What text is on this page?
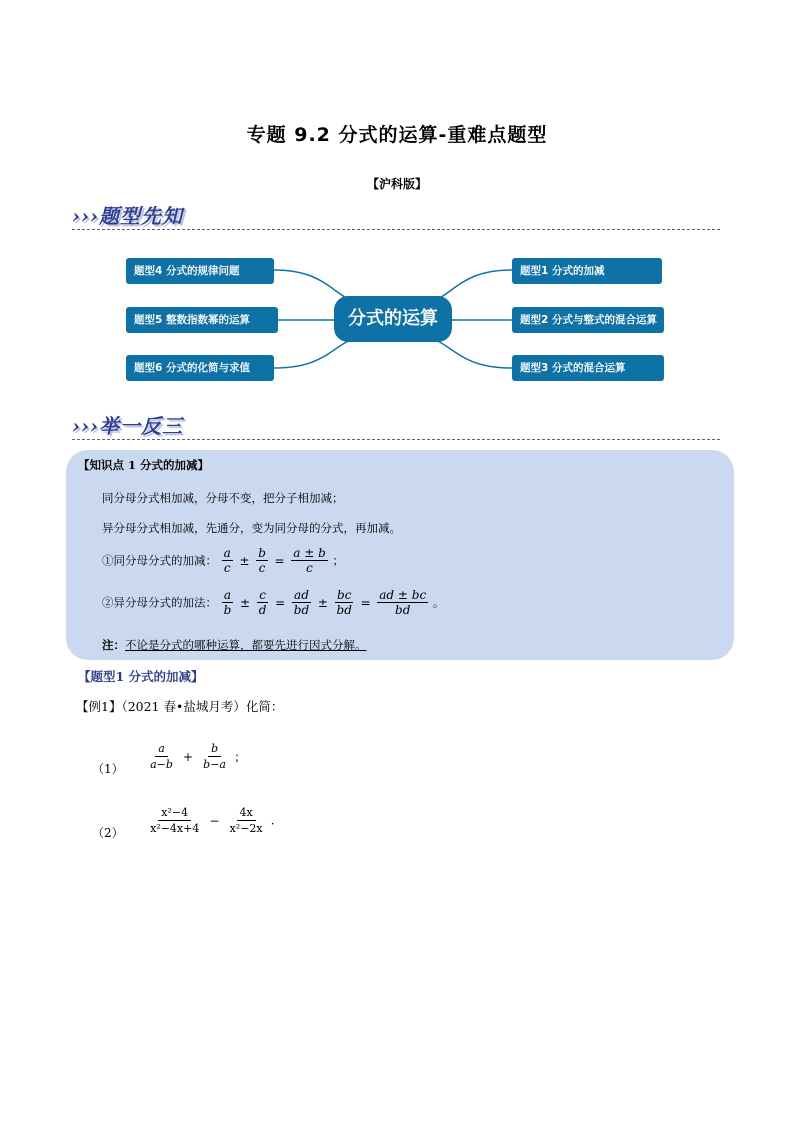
专题 9.2 分式的运算-重难点题型
【沪科版】
›››题型先知
题型4 分式的规律问题
题型5 整数指数幂的运算
题型6 分式的化简与求值
分式的运算
题型1 分式的加减
题型2 分式与整式的混合运算
题型3 分式的混合运算
›››举一反三
【知识点 1 分式的加减】
同分母分式相加减，分母不变，把分子相加减；
异分母分式相加减，先通分，变为同分母的分式，再加减。
①同分母分式的加减： $\frac{a}{c} \pm \frac{b}{c} = \frac{a \pm b}{c}$ ；
②异分母分式的加法： $\frac{a}{b} \pm \frac{c}{d} = \frac{ad}{bd} \pm \frac{bc}{bd} = \frac{ad \pm bc}{bd}$ 。
注：不论是分式的哪种运算，都要先进行因式分解。
【题型1 分式的加减】
【例1】（2021 春•盐城月考）化简：
$(1) \frac{a}{a-b} + \frac{b}{b-a}$ ；
$(2) \frac{\text{x²−4}}{\text{x²−4x+4}} - \frac{4x}{\text{x²−2x}}$ .
